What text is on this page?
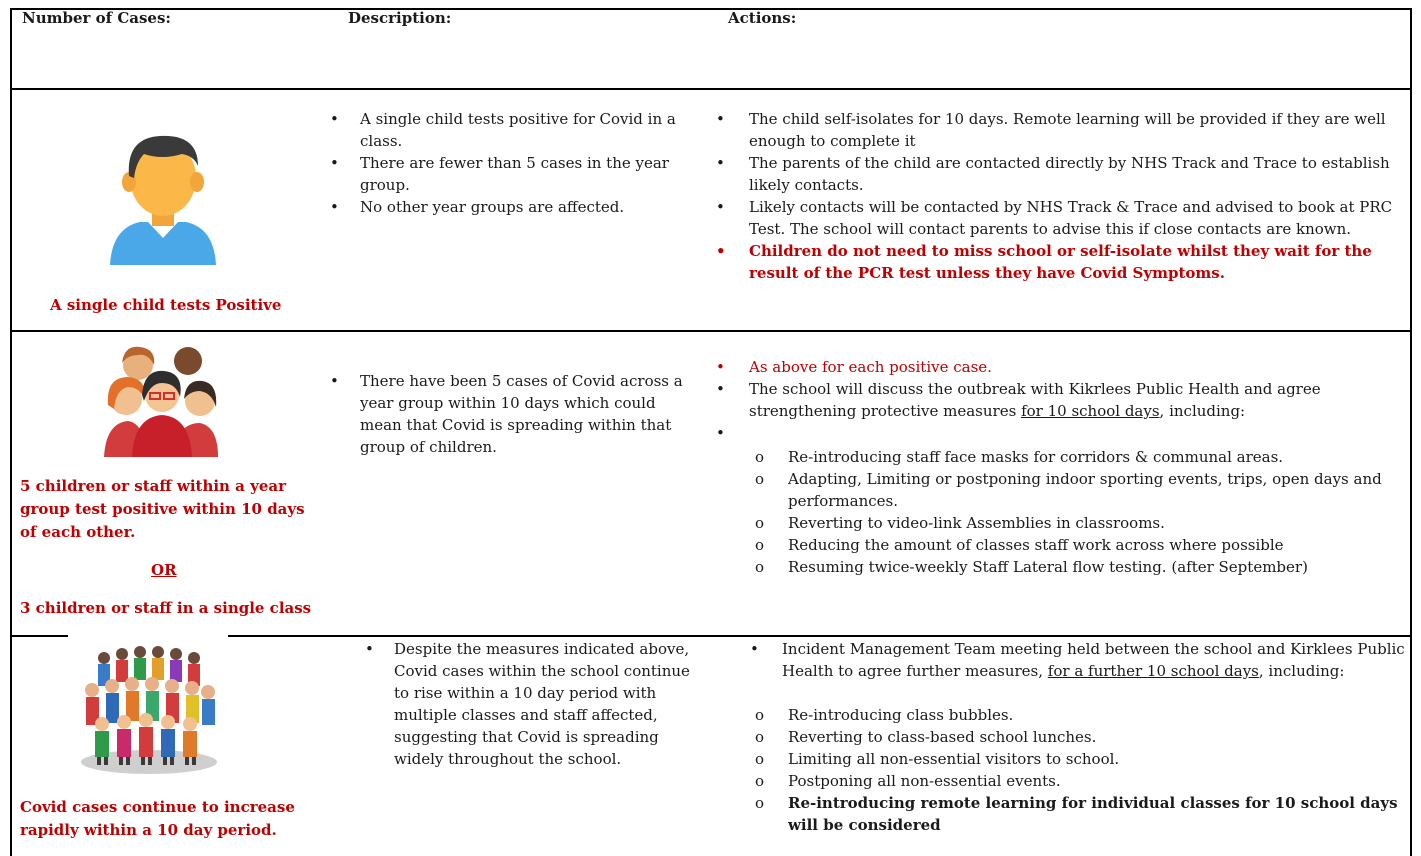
Number of Cases:	Description:	Actions:
A single child tests Positive
• A single child tests positive for Covid in a class.
• There are fewer than 5 cases in the year group.
• No other year groups are affected.
• The child self-isolates for 10 days. Remote learning will be provided if they are well enough to complete it
• The parents of the child are contacted directly by NHS Track and Trace to establish likely contacts.
• Likely contacts will be contacted by NHS Track & Trace and advised to book at PRC Test. The school will contact parents to advise this if close contacts are known.
• Children do not need to miss school or self-isolate whilst they wait for the result of the PCR test unless they have Covid Symptoms.
5 children or staff within a year group test positive within 10 days of each other.
OR
3 children or staff in a single class
• There have been 5 cases of Covid across a year group within 10 days which could mean that Covid is spreading within that group of children.
• As above for each positive case.
• The school will discuss the outbreak with Kikrlees Public Health and agree strengthening protective measures for 10 school days, including:
•
o Re-introducing staff face masks for corridors & communal areas.
o Adapting, Limiting or postponing indoor sporting events, trips, open days and performances.
o Reverting to video-link Assemblies in classrooms.
o Reducing the amount of classes staff work across where possible
o Resuming twice-weekly Staff Lateral flow testing. (after September)
Covid cases continue to increase rapidly within a 10 day period.
• Despite the measures indicated above, Covid cases within the school continue to rise within a 10 day period with multiple classes and staff affected, suggesting that Covid is spreading widely throughout the school.
• Incident Management Team meeting held between the school and Kirklees Public Health to agree further measures, for a further 10 school days, including:
o Re-introducing class bubbles.
o Reverting to class-based school lunches.
o Limiting all non-essential visitors to school.
o Postponing all non-essential events.
o Re-introducing remote learning for individual classes for 10 school days will be considered
